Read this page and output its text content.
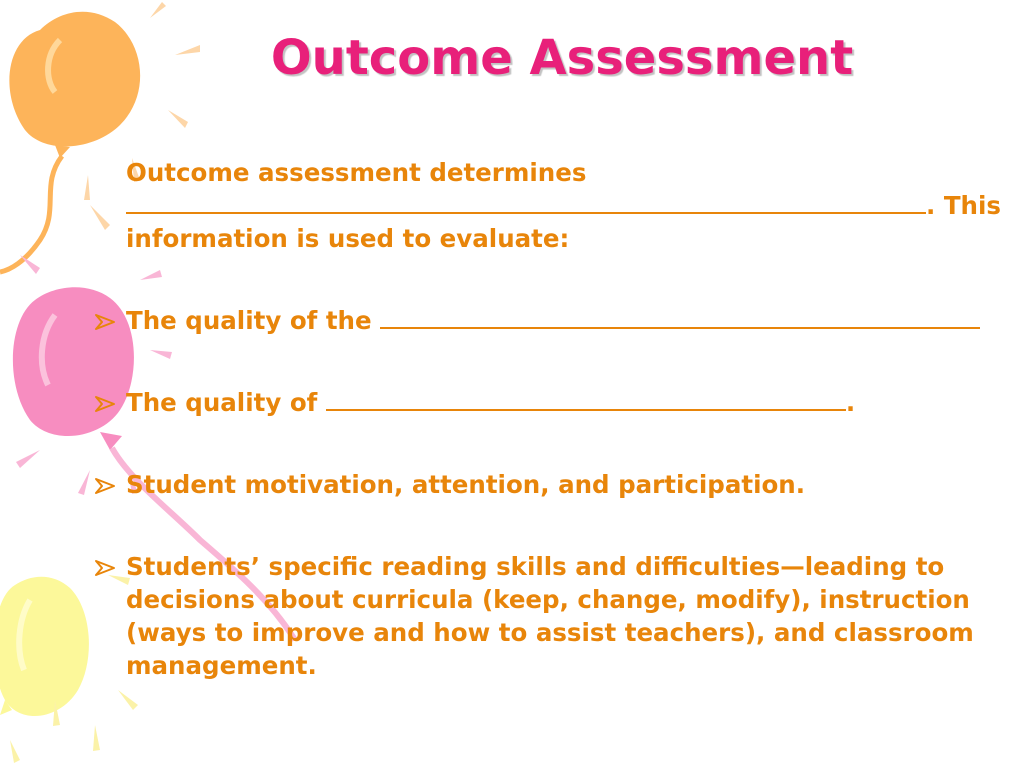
Outcome Assessment
Outcome assessment determines
. This
information is used to evaluate:
The quality of the
The quality of	.
Student motivation, attention, and participation.
Students’ specific reading skills and difficulties—leading to decisions about curricula (keep, change, modify), instruction (ways to improve and how to assist teachers), and classroom management.
